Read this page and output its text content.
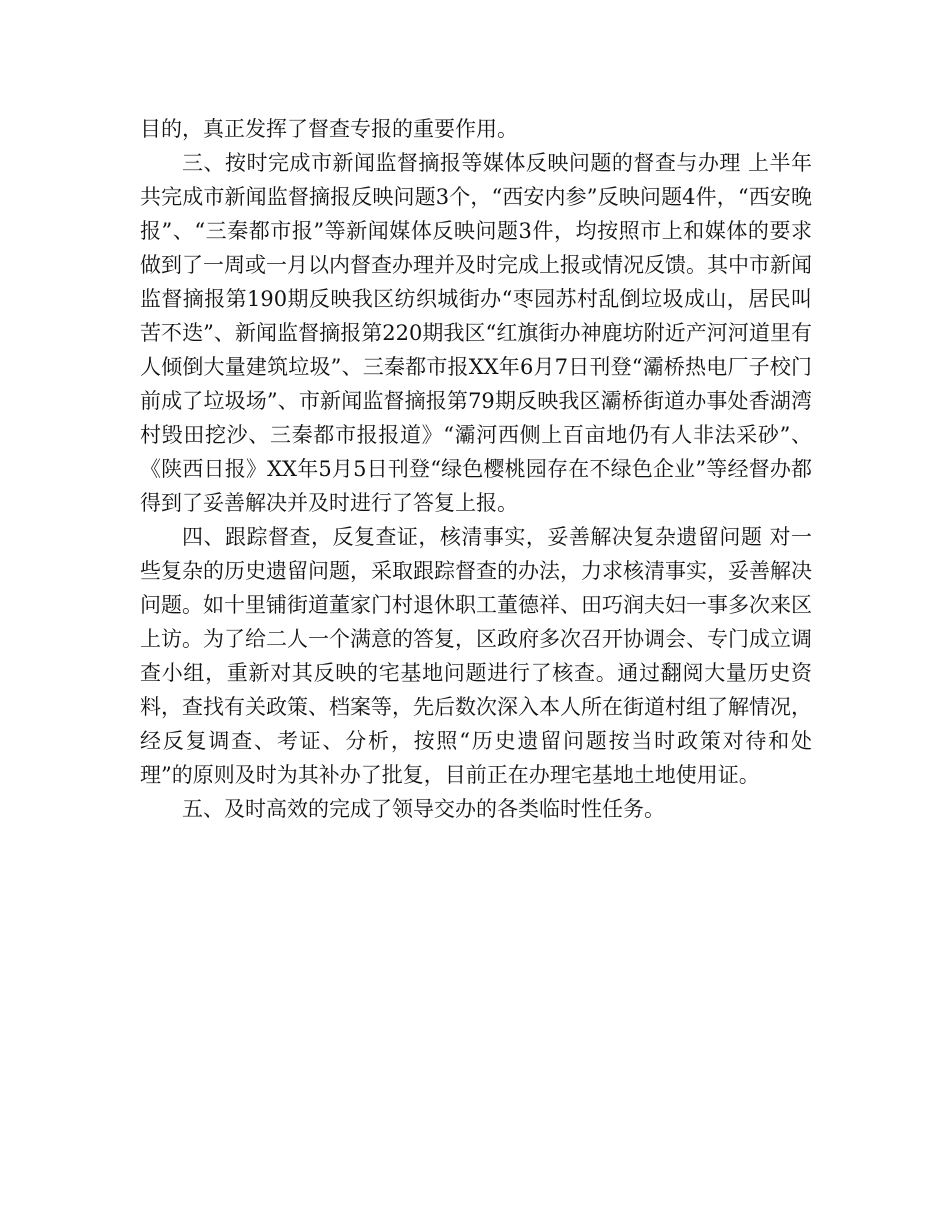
目的，真正发挥了督查专报的重要作用。

三、按时完成市新闻监督摘报等媒体反映问题的督查与办理 上半年共完成市新闻监督摘报反映问题3个，“西安内参”反映问题4件，“西安晚报”、“三秦都市报”等新闻媒体反映问题3件，均按照市上和媒体的要求做到了一周或一月以内督查办理并及时完成上报或情况反馈。其中市新闻监督摘报第190期反映我区纺织城街办“枣园苏村乱倒垃圾成山，居民叫苦不迭”、新闻监督摘报第220期我区“红旗街办神鹿坊附近产河河道里有人倾倒大量建筑垃圾”、三秦都市报XX年6月7日刊登“灞桥热电厂子校门前成了垃圾场”、市新闻监督摘报第79期反映我区灞桥街道办事处香湖湾村毁田挖沙、三秦都市报报道》“灞河西侧上百亩地仍有人非法采砂”、《陕西日报》XX年5月5日刊登“绿色樱桃园存在不绿色企业”等经督办都得到了妥善解决并及时进行了答复上报。

四、跟踪督查，反复查证，核清事实，妥善解决复杂遗留问题 对一些复杂的历史遗留问题，采取跟踪督查的办法，力求核清事实，妥善解决问题。如十里铺街道董家门村退休职工董德祥、田巧润夫妇一事多次来区上访。为了给二人一个满意的答复，区政府多次召开协调会、专门成立调查小组，重新对其反映的宅基地问题进行了核查。通过翻阅大量历史资料，查找有关政策、档案等，先后数次深入本人所在街道村组了解情况，经反复调查、考证、分析，按照“历史遗留问题按当时政策对待和处理”的原则及时为其补办了批复，目前正在办理宅基地土地使用证。

五、及时高效的完成了领导交办的各类临时性任务。
